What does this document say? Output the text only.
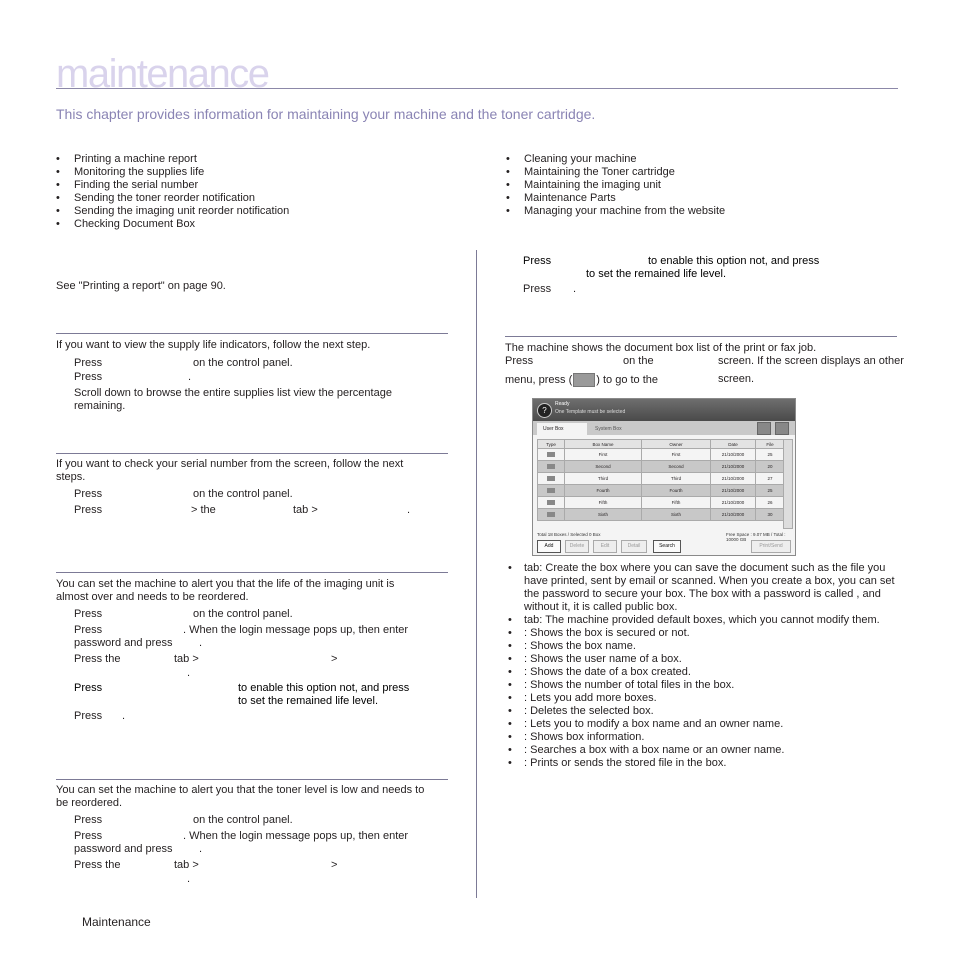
maintenance
This chapter provides information for maintaining your machine and the toner cartridge.
• Printing a machine report
• Monitoring the supplies life
• Finding the serial number
• Sending the toner reorder notification
• Sending the imaging unit reorder notification
• Checking Document Box
• Cleaning your machine
• Maintaining the Toner cartridge
• Maintaining the imaging unit
• Maintenance Parts
• Managing your machine from the website
See "Printing a report" on page 90.
If you want to view the supply life indicators, follow the next step.
Press	on the control panel.
Press	.
Scroll down to browse the entire supplies list view the percentage
remaining.
If you want to check your serial number from the screen, follow the next
steps.
Press	on the control panel.
Press	> the	tab >	.
You can set the machine to alert you that the life of the imaging unit is
almost over and needs to be reordered.
Press	on the control panel.
Press	. When the login message pops up, then enter
password and press .
Press the	tab >	>
.
Press	to enable this option not, and press
to set the remained life level.
Press .
You can set the machine to alert you that the toner level is low and needs to
be reordered.
Press	on the control panel.
Press	. When the login message pops up, then enter
password and press .
Press the	tab >	>
.
Press	to enable this option not, and press
to set the remained life level.
Press .
The machine shows the document box list of the print or fax job.
Press	on the	screen. If the screen displays an other
menu, press ( ) to go to the	screen.
?
Ready
One Template must be selected
User Box	System Box
Type	Box Name	Owner	Date	File
	First	First	21/10/2000	25
	Second	Second	21/10/2000	20
	Third	Third	21/10/2000	27
	Fourth	Fourth	21/10/2000	25
	Fifth	Fifth	21/10/2000	26
	Sixth	Sixth	21/10/2000	30
Total 18 Boxes / Selected 0 Box	Free Space : 9.07 MB / Total : 10000 GB
Add	Delete	Edit	Detail	Search	Print/Send
• tab: Create the box where you can save the document such as the file you have printed, sent by email or scanned. When you create a box, you can set the password to secure your box. The box with a password is called , and without it, it is called public box.
• tab: The machine provided default boxes, which you cannot modify them.
• : Shows the box is secured or not.
• : Shows the box name.
• : Shows the user name of a box.
• : Shows the date of a box created.
• : Shows the number of total files in the box.
• : Lets you add more boxes.
• : Deletes the selected box.
• : Lets you to modify a box name and an owner name.
• : Shows box information.
• : Searches a box with a box name or an owner name.
• : Prints or sends the stored file in the box.
Maintenance
